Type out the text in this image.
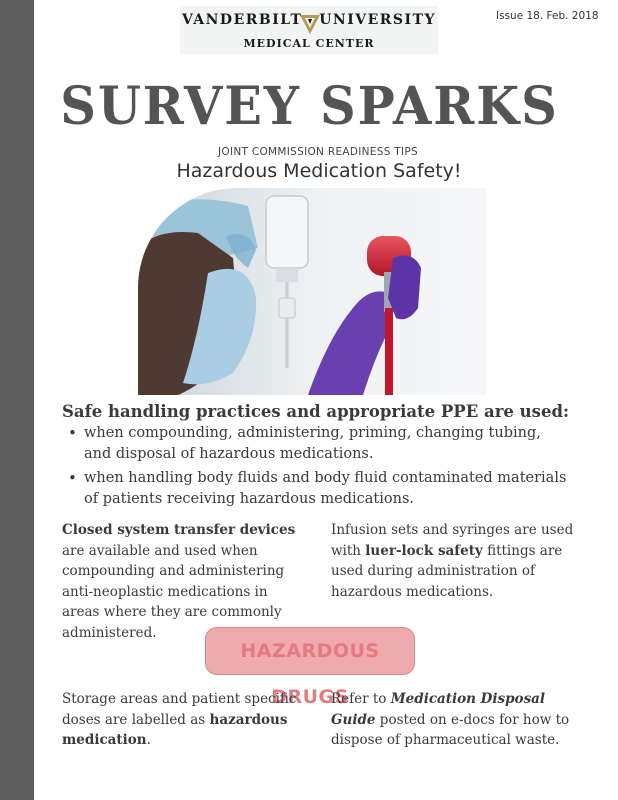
VANDERBILT UNIVERSITY
MEDICAL CENTER
Issue 18. Feb. 2018
SURVEY SPARKS
JOINT COMMISSION READINESS TIPS
Hazardous Medication Safety!
Safe handling practices and appropriate PPE are used:
• when compounding, administering, priming, changing tubing, and disposal of hazardous medications.
• when handling body fluids and body fluid contaminated materials of patients receiving hazardous medications.
Closed system transfer devices are available and used when compounding and administering anti-neoplastic medications in areas where they are commonly administered.
Infusion sets and syringes are used with luer-lock safety fittings are used during administration of hazardous medications.
HAZARDOUS DRUGS
Storage areas and patient specific doses are labelled as hazardous medication.
Refer to Medication Disposal Guide posted on e-docs for how to dispose of pharmaceutical waste.
